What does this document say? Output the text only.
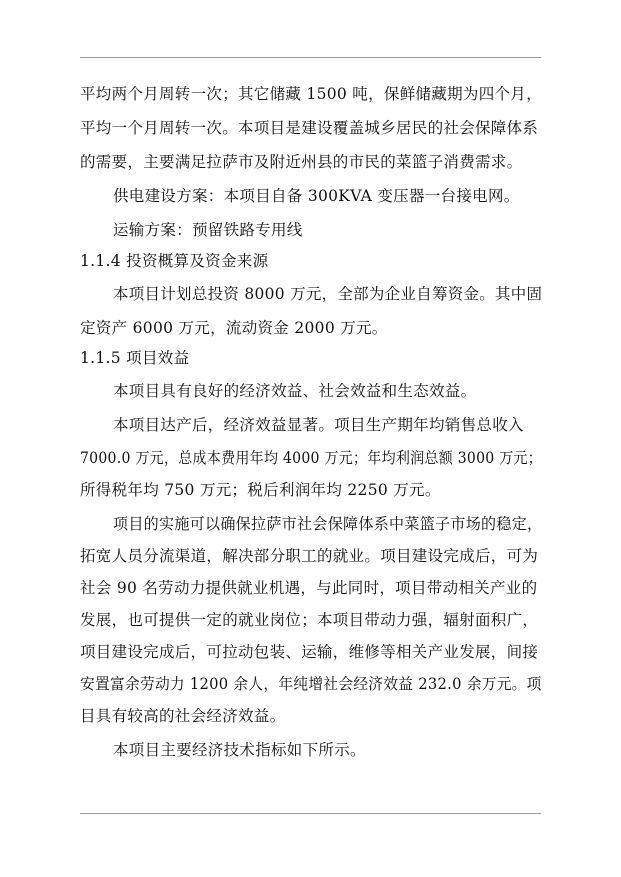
平均两个月周转一次；其它储藏 1500 吨，保鲜储藏期为四个月，
平均一个月周转一次。本项目是建设覆盖城乡居民的社会保障体系
的需要，主要满足拉萨市及附近州县的市民的菜篮子消费需求。
供电建设方案：本项目自备 300KVA 变压器一台接电网。
运输方案：预留铁路专用线
1.1.4 投资概算及资金来源
本项目计划总投资 8000 万元，全部为企业自筹资金。其中固
定资产 6000 万元，流动资金 2000 万元。
1.1.5 项目效益
本项目具有良好的经济效益、社会效益和生态效益。
本项目达产后，经济效益显著。项目生产期年均销售总收入
7000.0 万元，总成本费用年均 4000 万元；年均利润总额 3000 万元；
所得税年均 750 万元；税后利润年均 2250 万元。
项目的实施可以确保拉萨市社会保障体系中菜篮子市场的稳定，
拓宽人员分流渠道，解决部分职工的就业。项目建设完成后，可为
社会 90 名劳动力提供就业机遇，与此同时，项目带动相关产业的
发展，也可提供一定的就业岗位；本项目带动力强，辐射面积广，
项目建设完成后，可拉动包装、运输，维修等相关产业发展，间接
安置富余劳动力 1200 余人，年纯增社会经济效益 232.0 余万元。项
目具有较高的社会经济效益。
本项目主要经济技术指标如下所示。
